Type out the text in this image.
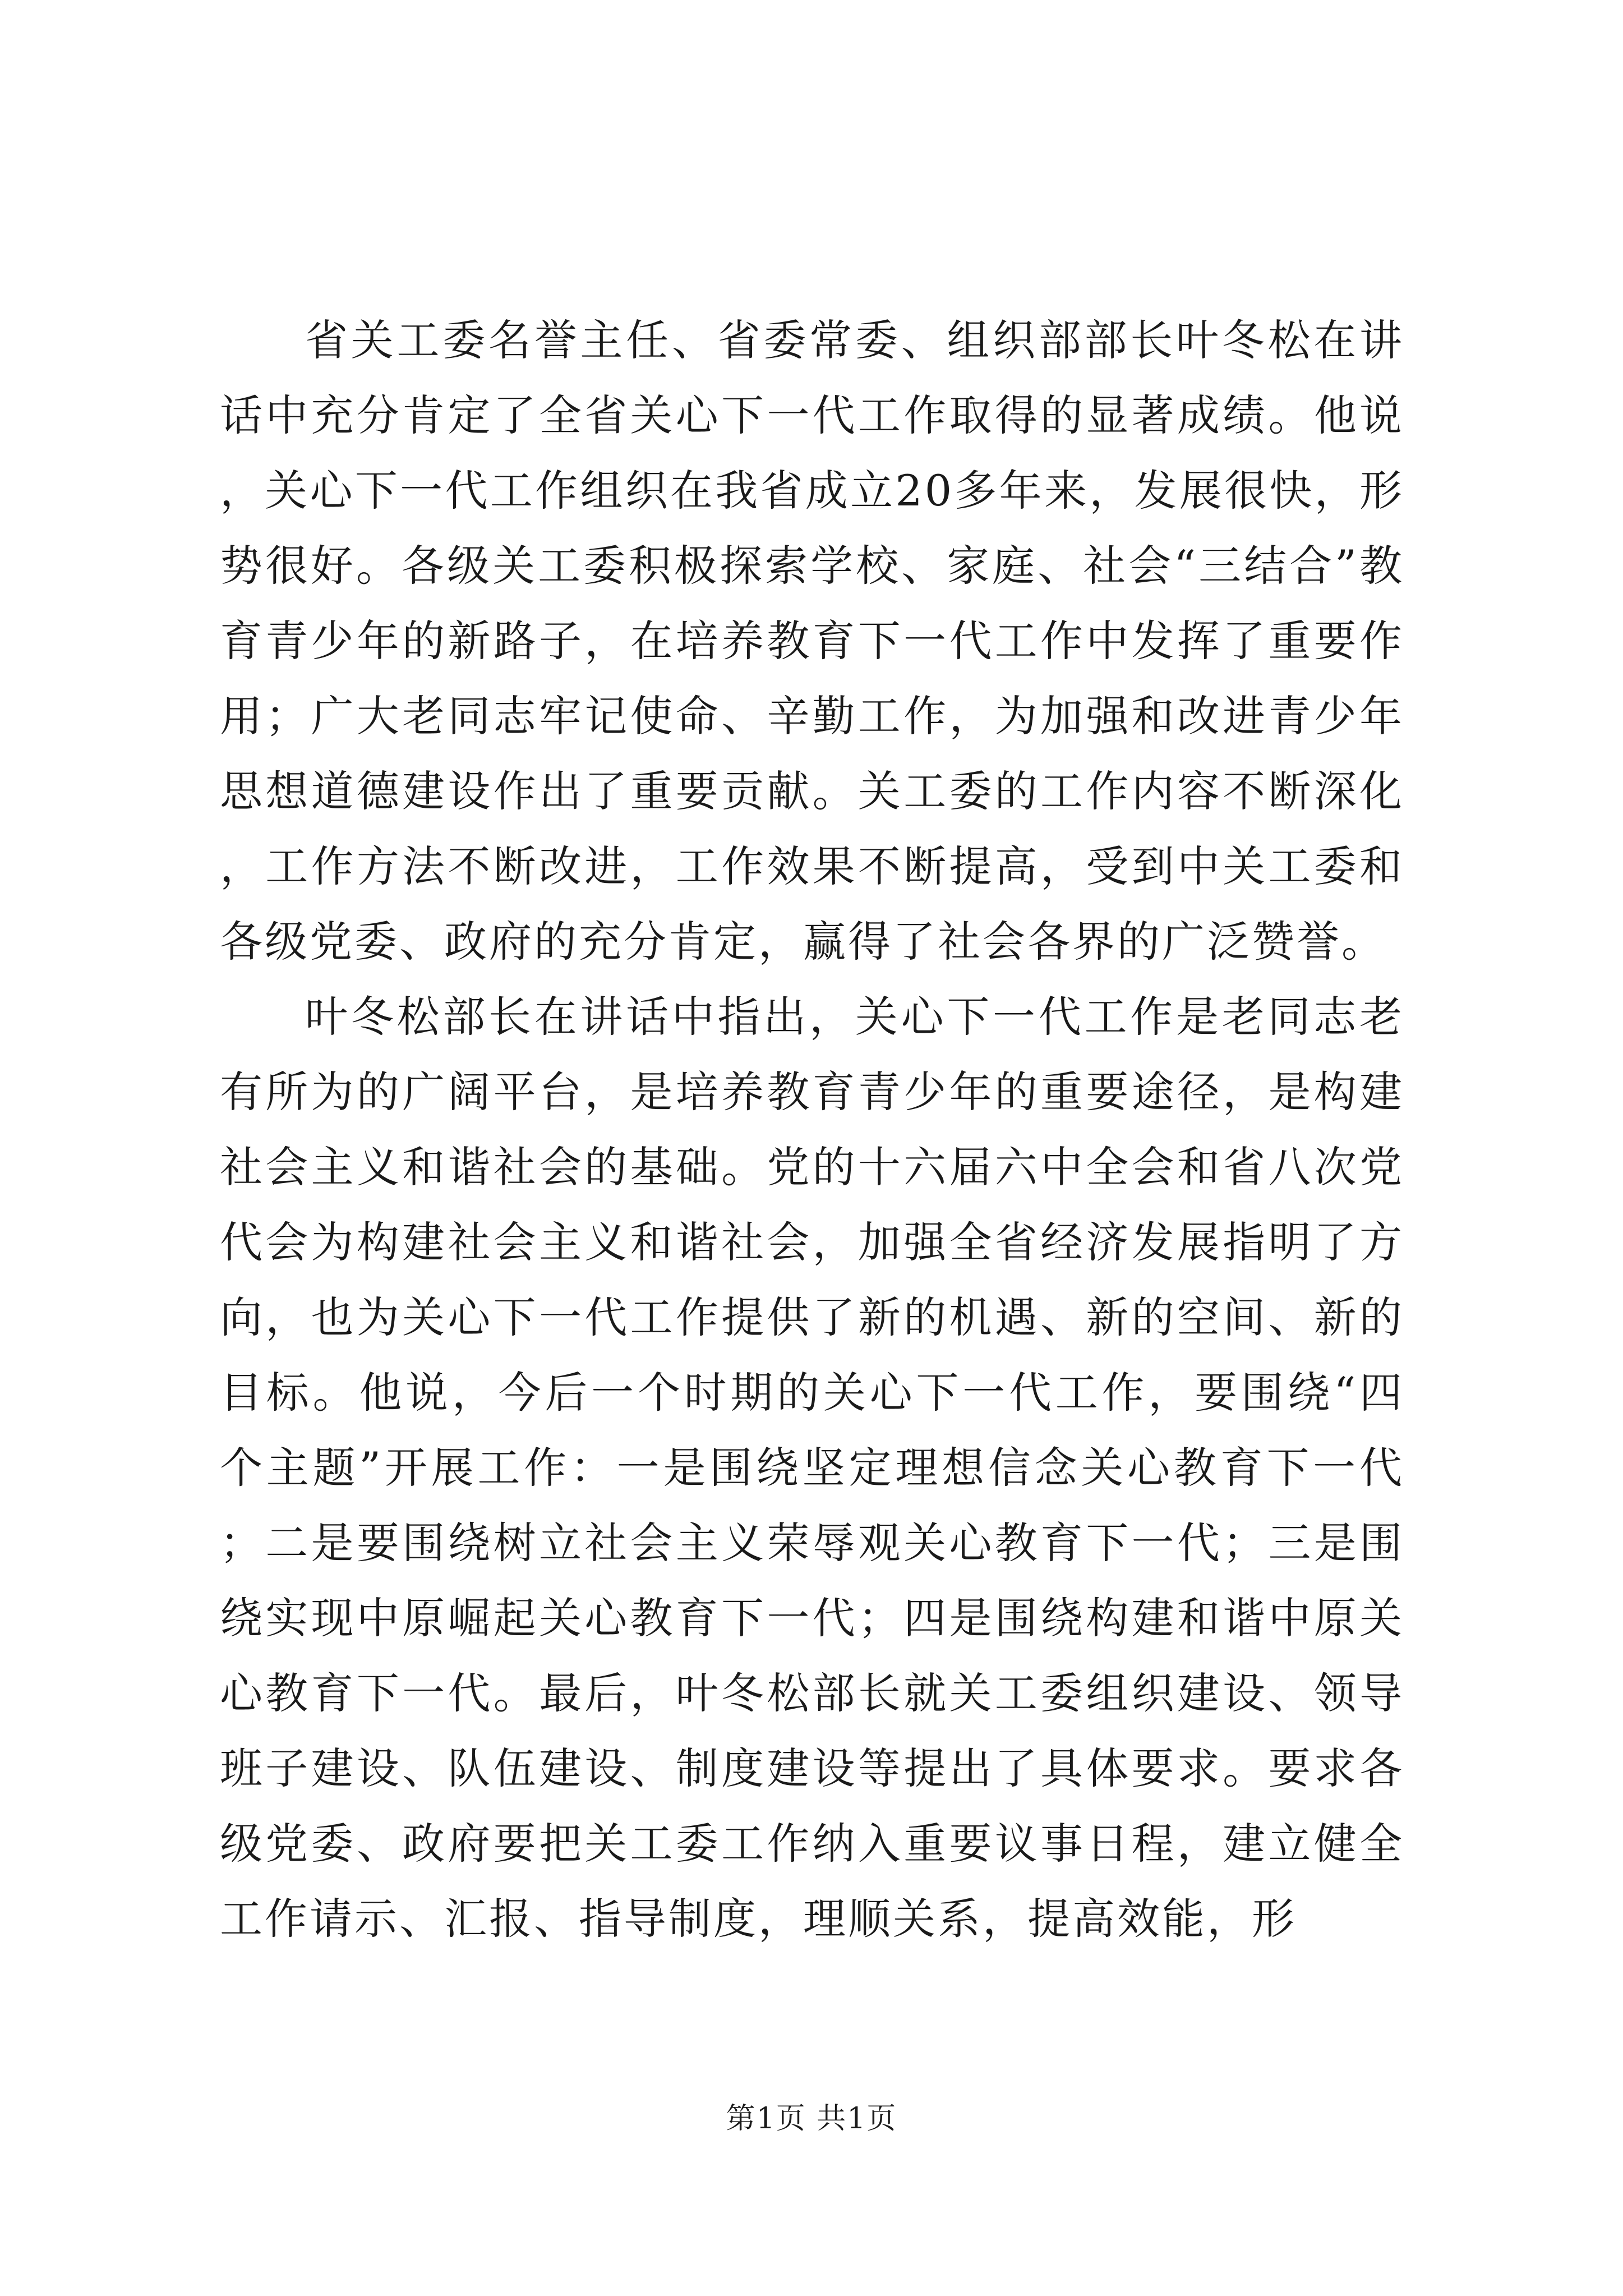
省关工委名誉主任、省委常委、组织部部长叶冬松在讲话中充分肯定了全省关心下一代工作取得的显著成绩。他说，关心下一代工作组织在我省成立20多年来，发展很快，形势很好。各级关工委积极探索学校、家庭、社会“三结合”教育青少年的新路子，在培养教育下一代工作中发挥了重要作用；广大老同志牢记使命、辛勤工作，为加强和改进青少年思想道德建设作出了重要贡献。关工委的工作内容不断深化，工作方法不断改进，工作效果不断提高，受到中关工委和各级党委、政府的充分肯定，赢得了社会各界的广泛赞誉。

叶冬松部长在讲话中指出，关心下一代工作是老同志老有所为的广阔平台，是培养教育青少年的重要途径，是构建社会主义和谐社会的基础。党的十六届六中全会和省八次党代会为构建社会主义和谐社会，加强全省经济发展指明了方向，也为关心下一代工作提供了新的机遇、新的空间、新的目标。他说，今后一个时期的关心下一代工作，要围绕“四个主题”开展工作：一是围绕坚定理想信念关心教育下一代；二是要围绕树立社会主义荣辱观关心教育下一代；三是围绕实现中原崛起关心教育下一代；四是围绕构建和谐中原关心教育下一代。最后，叶冬松部长就关工委组织建设、领导班子建设、队伍建设、制度建设等提出了具体要求。要求各级党委、政府要把关工委工作纳入重要议事日程，建立健全工作请示、汇报、指导制度，理顺关系，提高效能，形

第1页 共1页
